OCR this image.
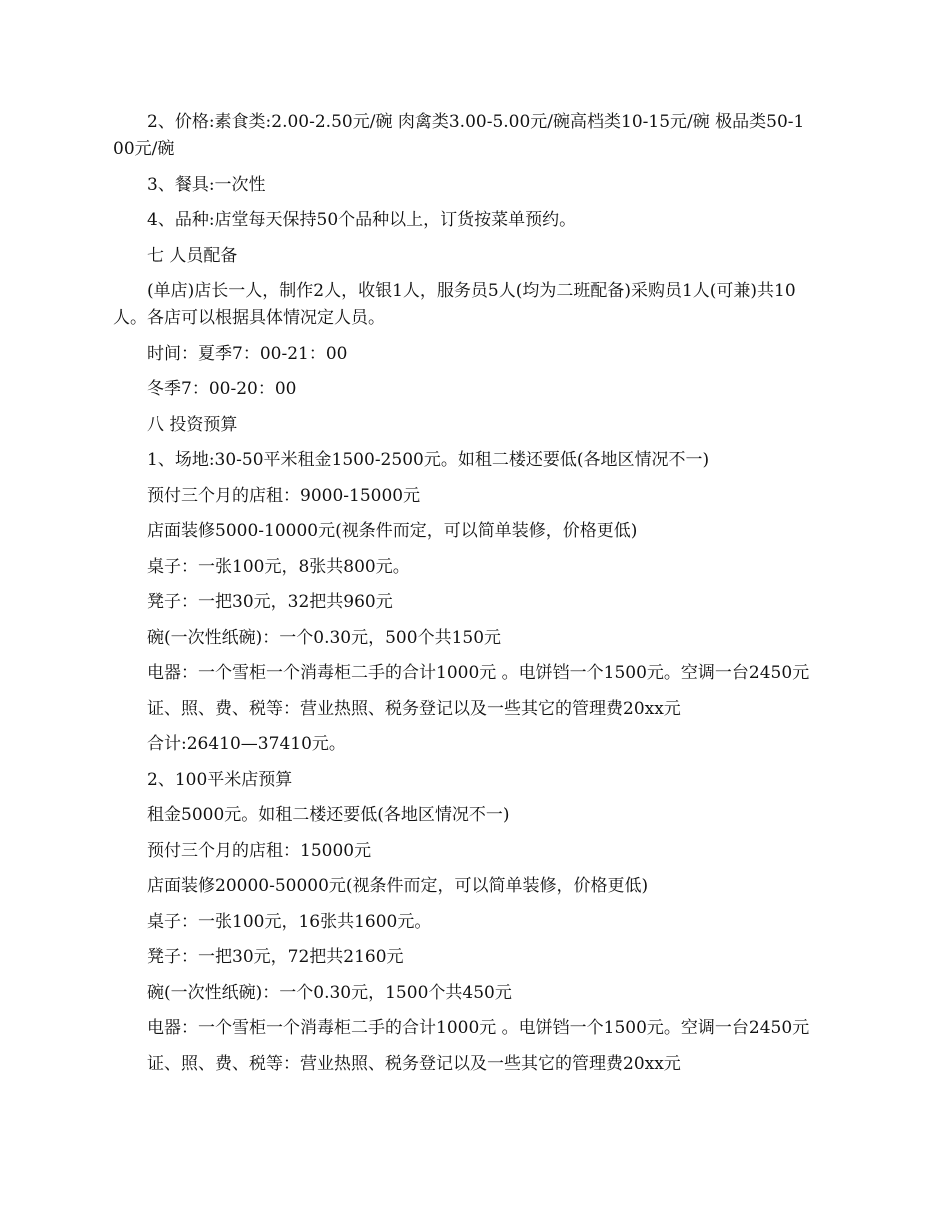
2、价格:素食类:2.00-2.50元/碗 肉禽类3.00-5.00元/碗高档类10-15元/碗 极品类50-100元/碗

3、餐具:一次性

4、品种:店堂每天保持50个品种以上，订货按菜单预约。

七 人员配备

(单店)店长一人，制作2人，收银1人，服务员5人(均为二班配备)采购员1人(可兼)共10人。各店可以根据具体情况定人员。

时间：夏季7：00-21：00

冬季7：00-20：00

八 投资预算

1、场地:30-50平米租金1500-2500元。如租二楼还要低(各地区情况不一)

预付三个月的店租：9000-15000元

店面装修5000-10000元(视条件而定，可以简单装修，价格更低)

桌子：一张100元，8张共800元。

凳子：一把30元，32把共960元

碗(一次性纸碗)：一个0.30元，500个共150元

电器：一个雪柜一个消毒柜二手的合计1000元 。电饼铛一个1500元。空调一台2450元

证、照、费、税等：营业热照、税务登记以及一些其它的管理费20xx元

合计:26410—37410元。

2、100平米店预算

租金5000元。如租二楼还要低(各地区情况不一)

预付三个月的店租：15000元

店面装修20000-50000元(视条件而定，可以简单装修，价格更低)

桌子：一张100元，16张共1600元。

凳子：一把30元，72把共2160元

碗(一次性纸碗)：一个0.30元，1500个共450元

电器：一个雪柜一个消毒柜二手的合计1000元 。电饼铛一个1500元。空调一台2450元

证、照、费、税等：营业热照、税务登记以及一些其它的管理费20xx元
